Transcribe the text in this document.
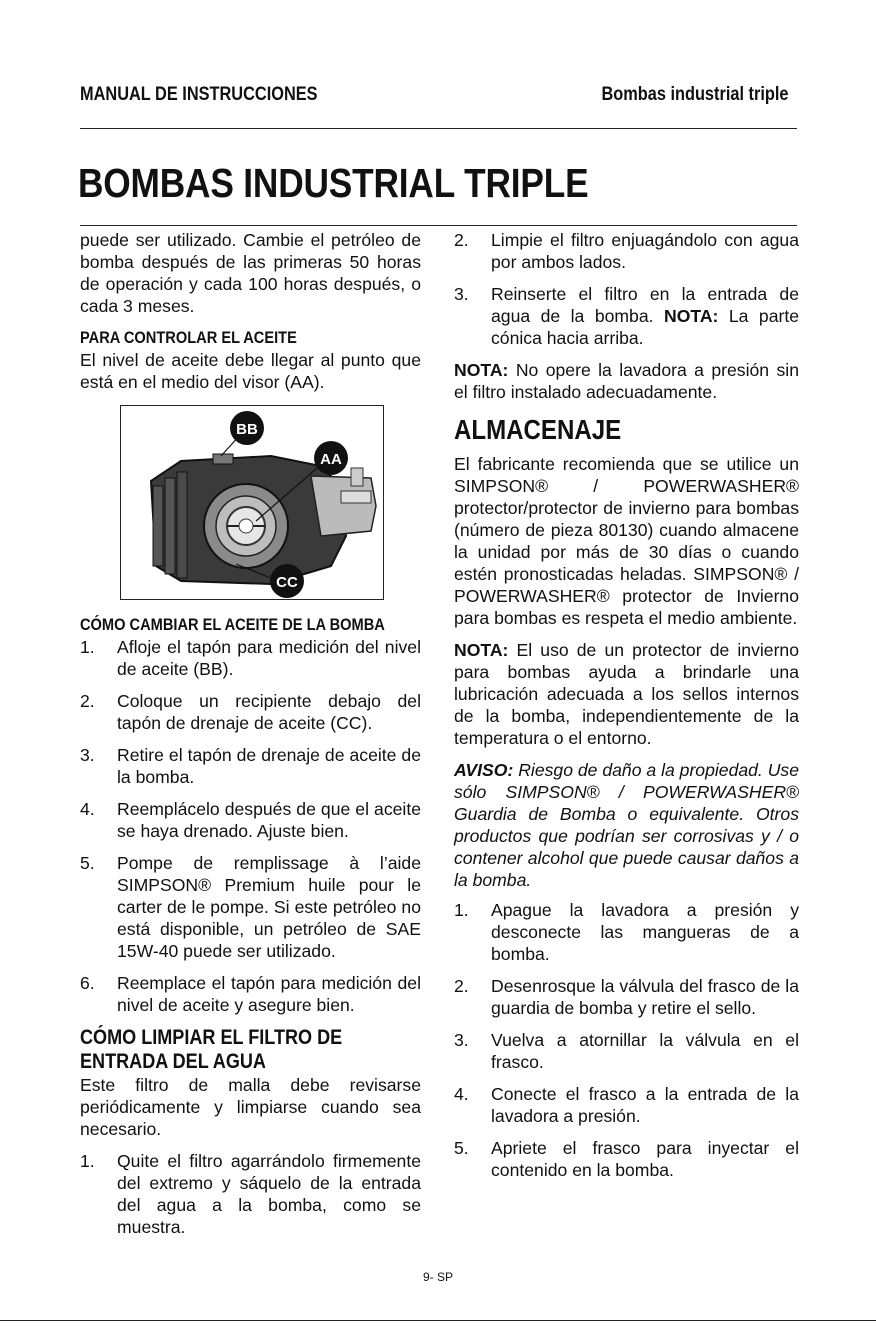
MANUAL DE INSTRUCCIONES	Bombas industrial triple
BOMBAS INDUSTRIAL TRIPLE

puede ser utilizado. Cambie el petróleo de bomba después de las primeras 50 horas de operación y cada 100 horas después, o cada 3 meses.

PARA CONTROLAR EL ACEITE

El nivel de aceite debe llegar al punto que está en el medio del visor (AA).

BB
AA
CC
CÓMO CAMBIAR EL ACEITE DE LA BOMBA
1.	Afloje el tapón para medición del nivel de aceite (BB).
2.	Coloque un recipiente debajo del tapón de drenaje de aceite (CC).
3.	Retire el tapón de drenaje de aceite de la bomba.
4.	Reemplácelo después de que el aceite se haya drenado. Ajuste bien.
5.	Pompe de remplissage à l’aide SIMPSON® Premium huile pour le carter de le pompe. Si este petróleo no está disponible, un petróleo de SAE 15W-40 puede ser utilizado.
6.	Reemplace el tapón para medición del nivel de aceite y asegure bien.
CÓMO LIMPIAR EL FILTRO DE
ENTRADA DEL AGUA

Este filtro de malla debe revisarse periódicamente y limpiarse cuando sea necesario.

1.	Quite el filtro agarrándolo firmemente del extremo y sáquelo de la entrada del agua a la bomba, como se muestra.
2.	Limpie el filtro enjuagándolo con agua por ambos lados.
3.	Reinserte el filtro en la entrada de agua de la bomba. NOTA: La parte cónica hacia arriba.

NOTA: No opere la lavadora a presión sin el filtro instalado adecuadamente.

ALMACENAJE

El fabricante recomienda que se utilice un SIMPSON® / POWERWASHER® protector/protector de invierno para bombas (número de pieza 80130) cuando almacene la unidad por más de 30 días o cuando estén pronosticadas heladas. SIMPSON® / POWERWASHER® protector de Invierno para bombas es respeta el medio ambiente.

NOTA: El uso de un protector de invierno para bombas ayuda a brindarle una lubricación adecuada a los sellos internos de la bomba, independientemente de la temperatura o el entorno.

AVISO: Riesgo de daño a la propiedad. Use sólo SIMPSON® / POWERWASHER® Guardia de Bomba o equivalente. Otros productos que podrían ser corrosivas y / o contener alcohol que puede causar daños a la bomba.

1.	Apague la lavadora a presión y desconecte las mangueras de a bomba.
2.	Desenrosque la válvula del frasco de la guardia de bomba y retire el sello.
3.	Vuelva a atornillar la válvula en el frasco.
4.	Conecte el frasco a la entrada de la lavadora a presión.
5.	Apriete el frasco para inyectar el contenido en la bomba.
9- SP
